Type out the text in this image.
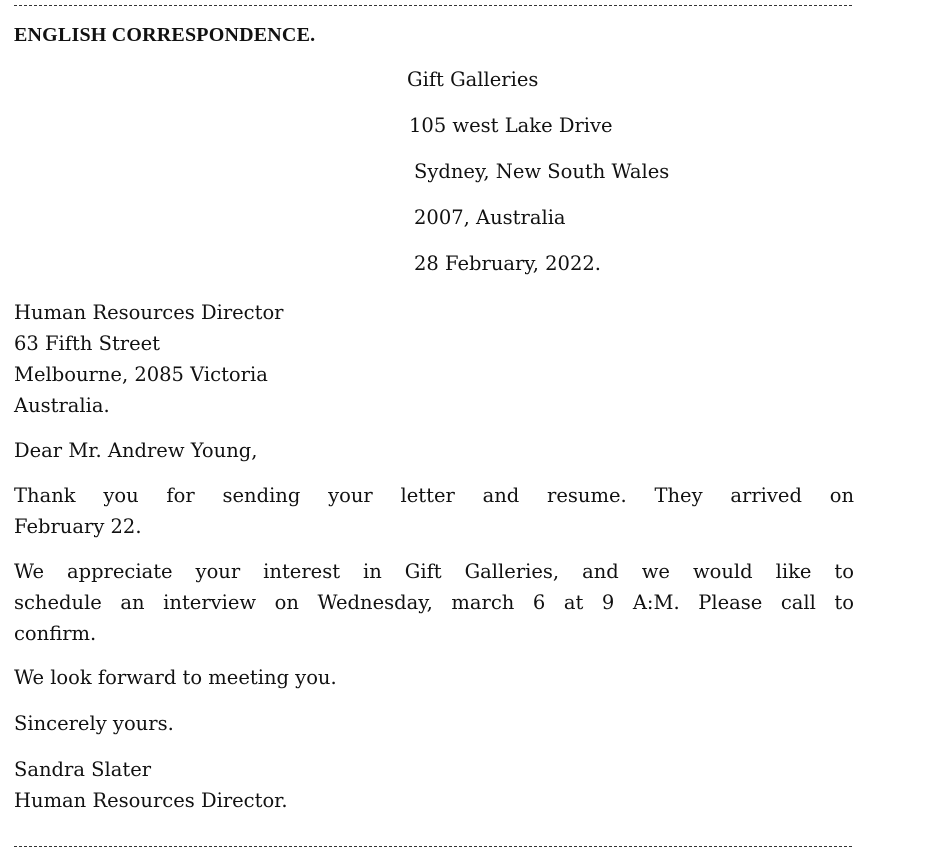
ENGLISH CORRESPONDENCE.
Gift Galleries
105 west Lake Drive
Sydney, New South Wales
2007, Australia
28 February, 2022.
Human Resources Director
63 Fifth Street
Melbourne, 2085 Victoria
Australia.
Dear Mr. Andrew Young,
Thank you for sending your letter and resume. They arrived on
February 22.
We appreciate your interest in Gift Galleries, and we would like to
schedule an interview on Wednesday, march 6 at 9 A:M. Please call to
confirm.
We look forward to meeting you.
Sincerely yours.
Sandra Slater
Human Resources Director.
